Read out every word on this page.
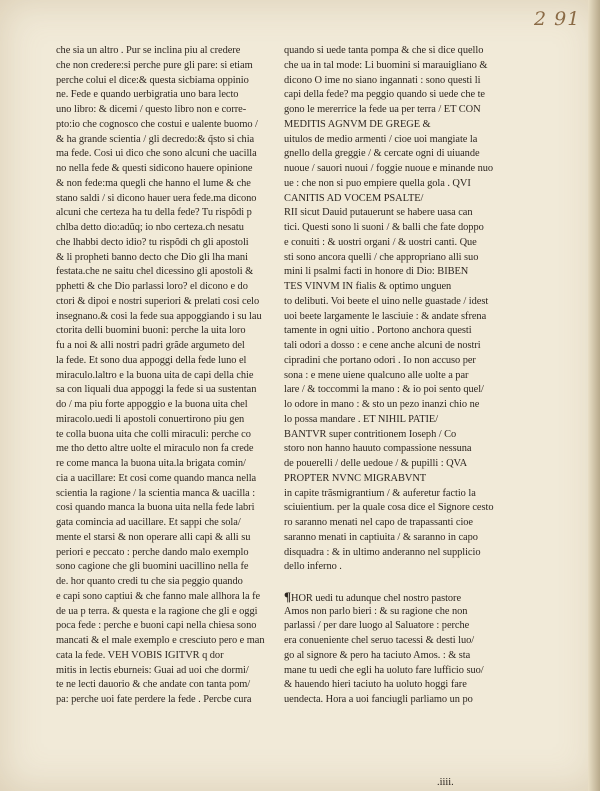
2 91
che sia un altro . Pur se inclina piu al credere
che non credere:si perche pure gli pare: si etiam
perche colui el dice:& questa sicbiama oppinio
ne. Fede e quando uerbigratia uno bara lecto
uno libro: & dicemi / questo libro non e corre-
pto:io che cognosco che costui e ualente buomo /
& ha grande scientia / gli decredo:& q̃sto si chia
ma fede. Cosi ui dico che sono alcuni che uacilla
no nella fede & questi sidicono hauere opinione
& non fede:ma quegli che hanno el lume & che
stano saldi / si dicono hauer uera fede.ma dicono
alcuni che certeza ha tu della fede? Tu rispõdi p
chlba detto dio:adũq; io nbo certeza.ch nesatu
che lhabbi decto idio? tu rispõdi ch gli apostoli
& li propheti banno decto che Dio gli lha mani
festata.che ne saitu chel dicessino gli apostoli &
pphetti & che Dio parlassi loro? el dicono e do
ctori & dipoi e nostri superiori & prelati cosi celo
insegnano.& cosi la fede sua appoggiando i su lau
ctorita delli buomini buoni: perche la uita loro
fu a noi & alli nostri padri grãde argumeto del
la fede. Et sono dua appoggi della fede luno el
miraculo.laltro e la buona uita de capi della chie
sa con liquali dua appoggi la fede si ua sustentan
do / ma piu forte appoggio e la buona uita chel
miracolo.uedi li apostoli conuertirono piu gen
te colla buona uita che colli miraculi: perche co
me tho detto altre uolte el miraculo non fa crede
re come manca la buona uita.la brigata comin/
cia a uacillare: Et cosi come quando manca nella
scientia la ragione / la scientia manca & uacilla :
cosi quando manca la buona uita nella fede labri
gata comincia ad uacillare. Et sappi che sola/
mente el starsi & non operare alli capi & alli su
periori e peccato : perche dando malo exemplo
sono cagione che gli buomini uacillino nella fe
de. hor quanto credi tu che sia peggio quando
e capi sono captiui & che fanno male allhora la fe
de ua p terra. & questa e la ragione che gli e oggi
poca fede : perche e buoni capi nella chiesa sono
mancati & el male exemplo e cresciuto pero e man
cata la fede. VEH VOBIS IGITVR q dor
mitis in lectis eburneis: Guai ad uoi che dormi/
te ne lecti dauorio & che andate con tanta pom/
pa: perche uoi fate perdere la fede . Percbe cura
quando si uede tanta pompa & che si dice quello
che ua in tal mode: Li buomini si marauigliano &
dicono O ime no siano ingannati : sono questi li
capi della fede? ma peggio quando si uede che te
gono le mererrice la fede ua per terra / ET CON
MEDITIS AGNVM DE GREGE &
uitulos de medio armenti / cioe uoi mangiate la
gnello della greggie / & cercate ogni di uiuande
nuoue / sauori nuoui / foggie nuoue e minande nuo
ue : che non si puo empiere quella gola . QVI
CANITIS AD VOCEM PSALTE/
RII sicut Dauid putauerunt se habere uasa can
tici. Questi sono li suoni / & balli che fate doppo
e conuiti : & uostri organi / & uostri canti. Que
sti sono ancora quelli / che appropriano alli suo
mini li psalmi facti in honore di Dio: BIBEN
TES VINVM IN fialis & optimo unguen
to delibuti. Voi beete el uino nelle guastade / idest
uoi beete largamente le lasciuie : & andate sfrena
tamente in ogni uitio . Portono anchora questi
tali odori a dosso : e cene anche alcuni de nostri
cipradini che portano odori . Io non accuso per
sona : e mene uiene qualcuno alle uolte a par
lare / & toccommi la mano : & io poi sento quel/
lo odore in mano : & sto un pezo inanzi chio ne
lo possa mandare . ET NIHIL PATIE/
BANTVR super contritionem Ioseph / Co
storo non hanno hauuto compassione nessuna
de pouerelli / delle uedoue / & pupilli : QVA
PROPTER NVNC MIGRABVNT
in capite trãsmigrantium / & auferetur factio la
sciuientium. per la quale cosa dice el Signore cesto
ro saranno menati nel capo de trapassanti cioe
saranno menati in captiuita / & saranno in capo
disquadra : & in ultimo anderanno nel supplicio
dello inferno .
¶HOR uedi tu adunque chel nostro pastore
Amos non parlo bieri : & su ragione che non
parlassi / per dare luogo al Saluatore : perche
era conueniente chel seruo tacessi & desti luo/
go al signore & pero ha taciuto Amos. : & sta
mane tu uedi che egli ha uoluto fare lufficio suo/
& hauendo hieri taciuto ha uoluto hoggi fare
uendecta. Hora a uoi fanciugli parliamo un po
.iiii.
